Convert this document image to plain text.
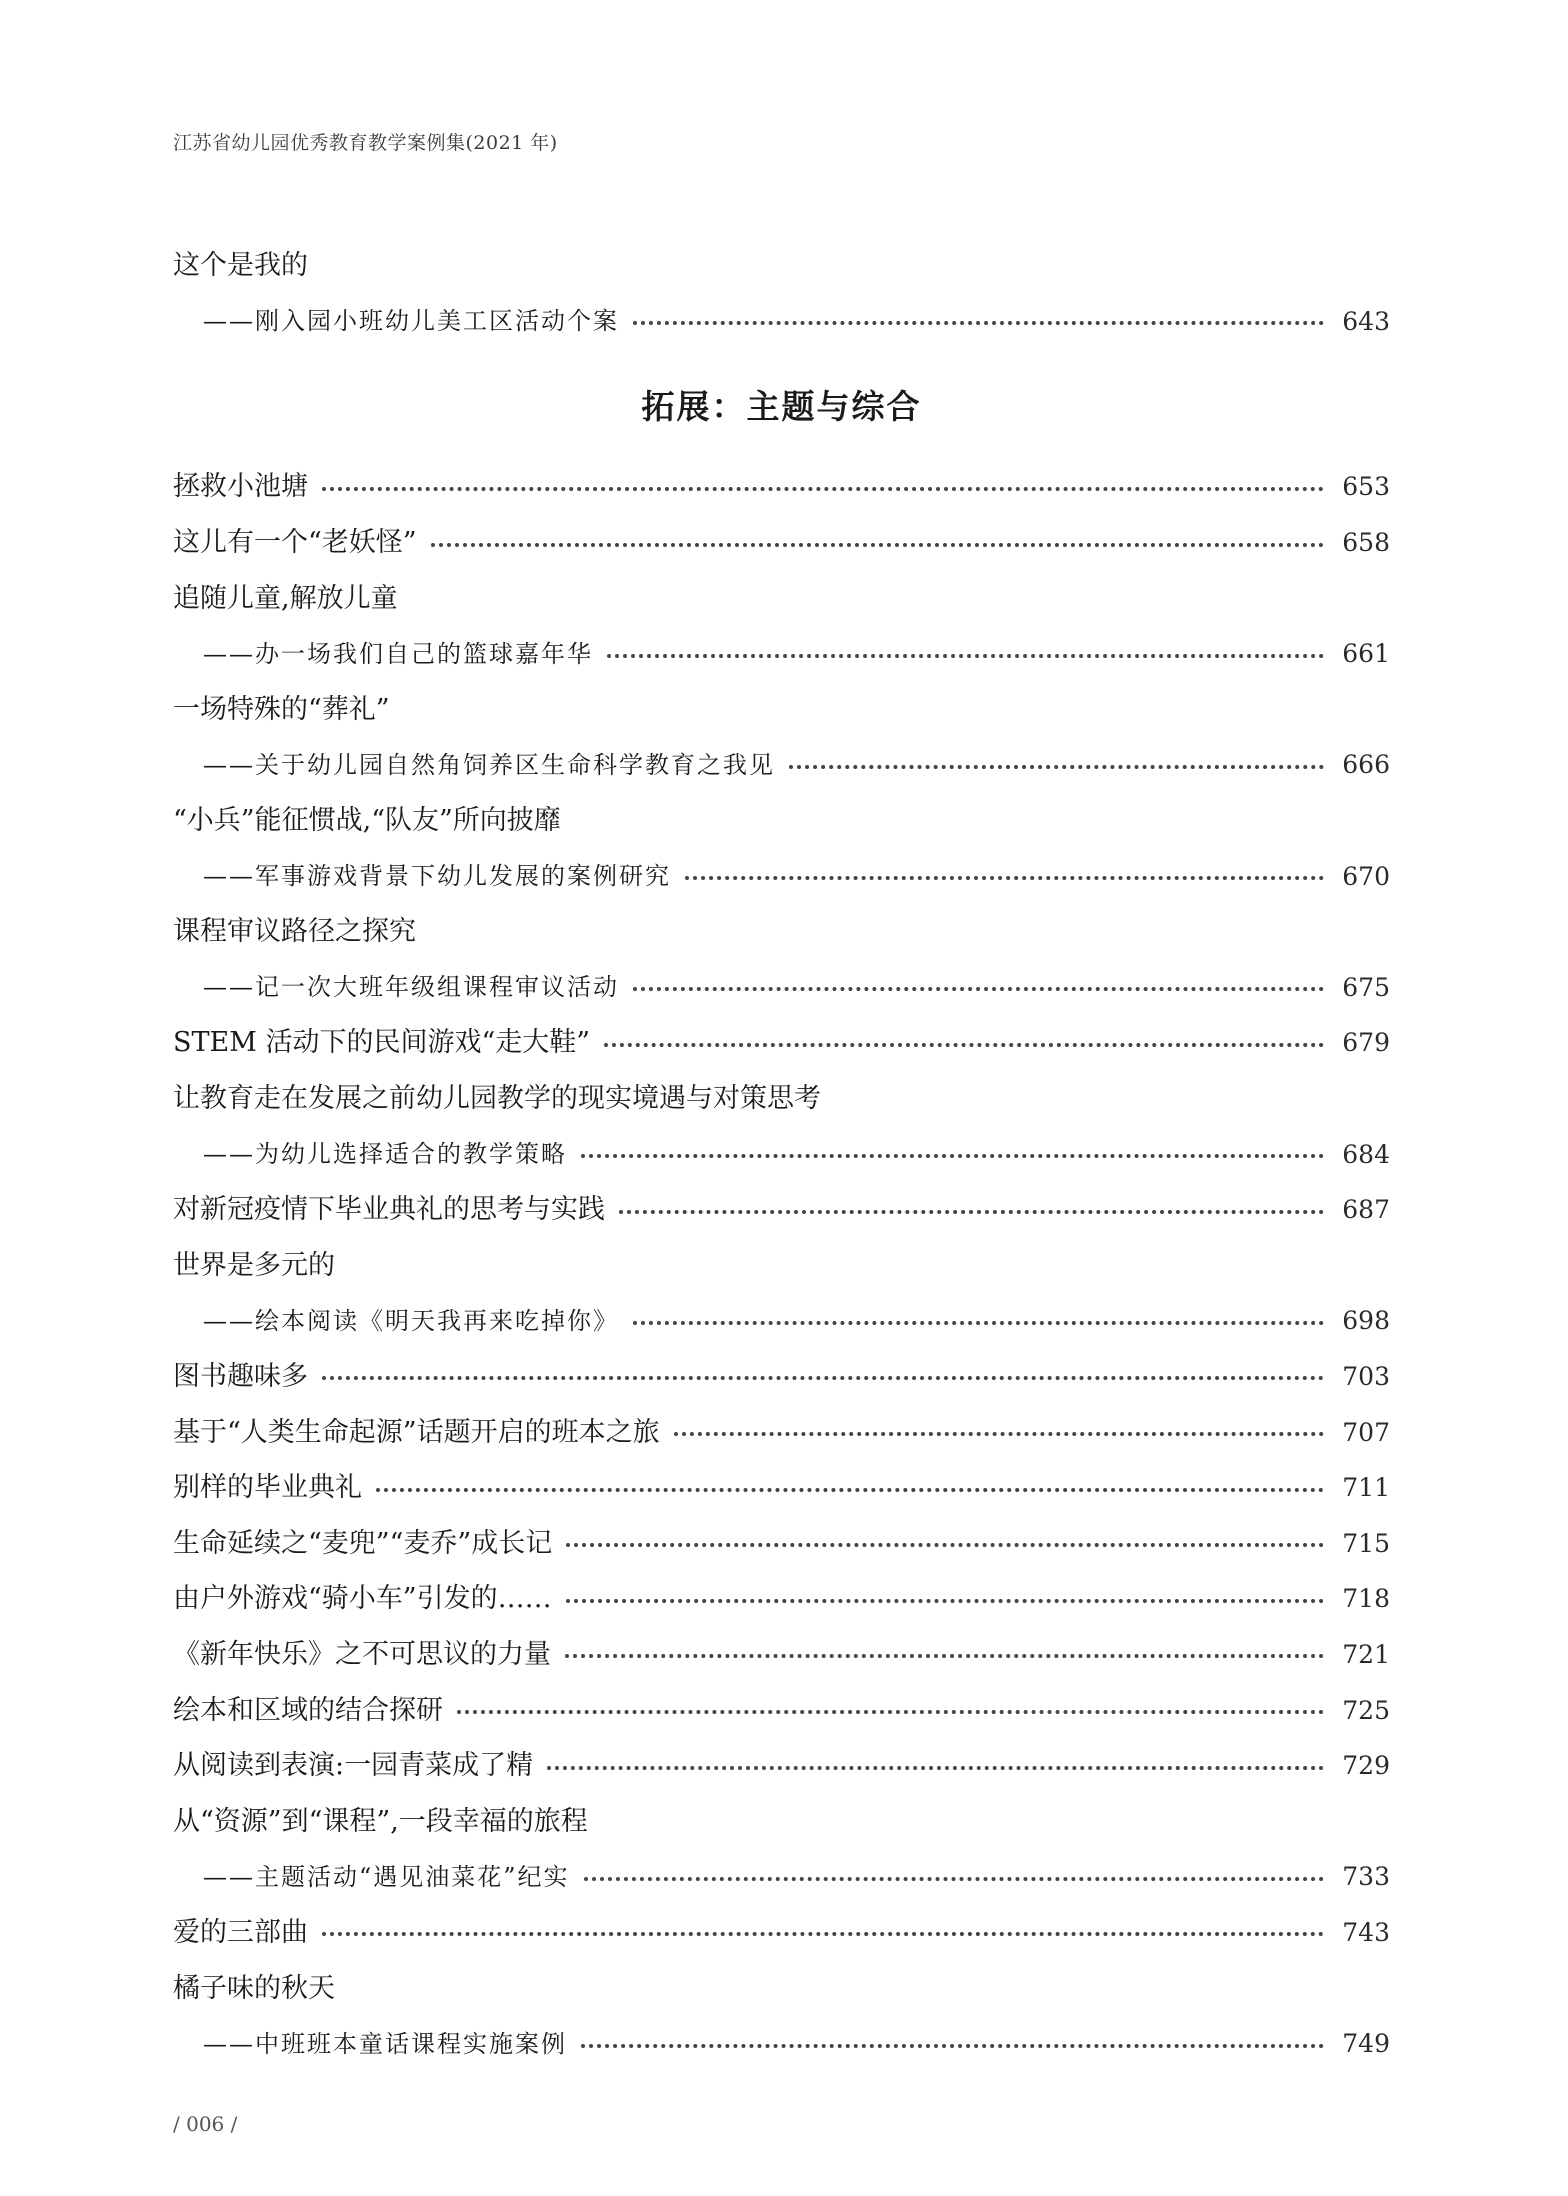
江苏省幼儿园优秀教育教学案例集(2021 年)
这个是我的
——刚入园小班幼儿美工区活动个案	643
拓展：主题与综合
拯救小池塘	653
这儿有一个“老妖怪”	658
追随儿童,解放儿童
——办一场我们自己的篮球嘉年华	661
一场特殊的“葬礼”
——关于幼儿园自然角饲养区生命科学教育之我见	666
“小兵”能征惯战,“队友”所向披靡
——军事游戏背景下幼儿发展的案例研究	670
课程审议路径之探究
——记一次大班年级组课程审议活动	675
STEM 活动下的民间游戏“走大鞋”	679
让教育走在发展之前幼儿园教学的现实境遇与对策思考
——为幼儿选择适合的教学策略	684
对新冠疫情下毕业典礼的思考与实践	687
世界是多元的
——绘本阅读《明天我再来吃掉你》	698
图书趣味多	703
基于“人类生命起源”话题开启的班本之旅	707
别样的毕业典礼	711
生命延续之“麦兜”“麦乔”成长记	715
由户外游戏“骑小车”引发的……	718
《新年快乐》之不可思议的力量	721
绘本和区域的结合探研	725
从阅读到表演:一园青菜成了精	729
从“资源”到“课程”,一段幸福的旅程
——主题活动“遇见油菜花”纪实	733
爱的三部曲	743
橘子味的秋天
——中班班本童话课程实施案例	749
/ 006 /
